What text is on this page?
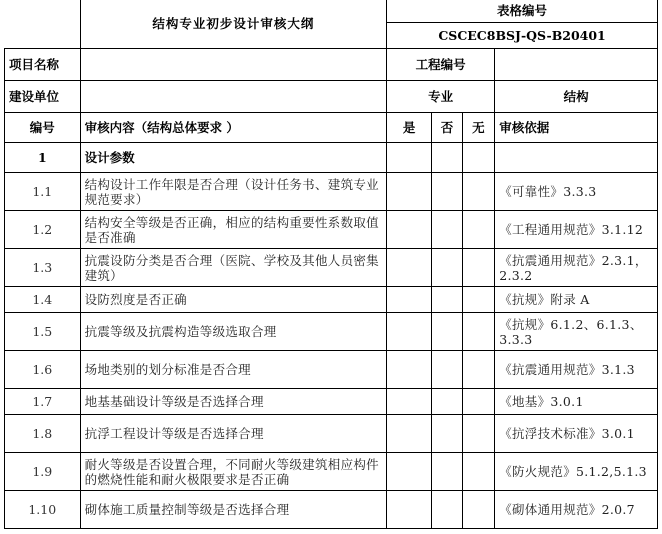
	结构专业初步设计审核大纲	表格编号			
		CSCEC8BSJ-QS-B20401			
项目名称		工程编号			
建设单位		专业			结构
编号	审核内容（结构总体要求 ）	是	否	无	审核依据
1	设计参数				
1.1	结构设计工作年限是否合理（设计任务书、建筑专业规范要求）				《可靠性》3.3.3
1.2	结构安全等级是否正确，相应的结构重要性系数取值是否准确				《工程通用规范》3.1.12
1.3	抗震设防分类是否合理（医院、学校及其他人员密集建筑）				《抗震通用规范》2.3.1，2.3.2
1.4	设防烈度是否正确				《抗规》附录 A
1.5	抗震等级及抗震构造等级选取合理				《抗规》6.1.2、6.1.3、3.3.3
1.6	场地类别的划分标准是否合理				《抗震通用规范》3.1.3
1.7	地基基础设计等级是否选择合理				《地基》3.0.1
1.8	抗浮工程设计等级是否选择合理				《抗浮技术标准》3.0.1
1.9	耐火等级是否设置合理，不同耐火等级建筑相应构件的燃烧性能和耐火极限要求是否正确				《防火规范》5.1.2,5.1.3
1.10	砌体施工质量控制等级是否选择合理				《砌体通用规范》2.0.7
